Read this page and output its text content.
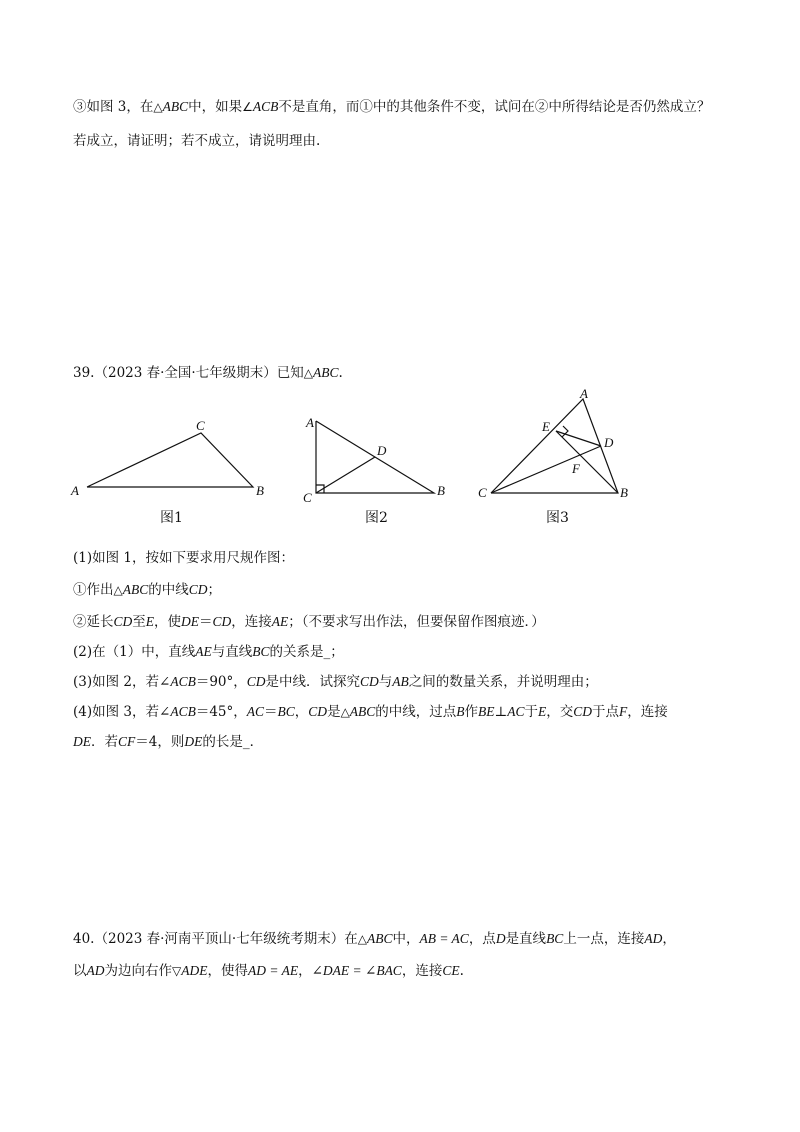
③如图 3，在△ABC中，如果∠ACB不是直角，而①中的其他条件不变，试问在②中所得结论是否仍然成立？
若成立，请证明；若不成立，请说明理由.
39.（2023 春·全国·七年级期末）已知△ABC.
C
A	B
图1
A
D
C	B
图2
A
E
D
F
C	B
图3
(1)如图 1，按如下要求用尺规作图：
①作出△ABC的中线CD；
②延长CD至E，使DE＝CD，连接AE；（不要求写出作法，但要保留作图痕迹．）
(2)在（1）中，直线AE与直线BC的关系是_；
(3)如图 2，若∠ACB＝90°，CD是中线．试探究CD与AB之间的数量关系，并说明理由；
(4)如图 3，若∠ACB＝45°，AC＝BC，CD是△ABC的中线，过点B作BE⊥AC于E，交CD于点F，连接
DE．若CF＝4，则DE的长是_．
40.（2023 春·河南平顶山·七年级统考期末）在△ABC中，AB = AC，点D是直线BC上一点，连接AD，
以AD为边向右作▽ADE，使得AD = AE，∠DAE = ∠BAC，连接CE.
